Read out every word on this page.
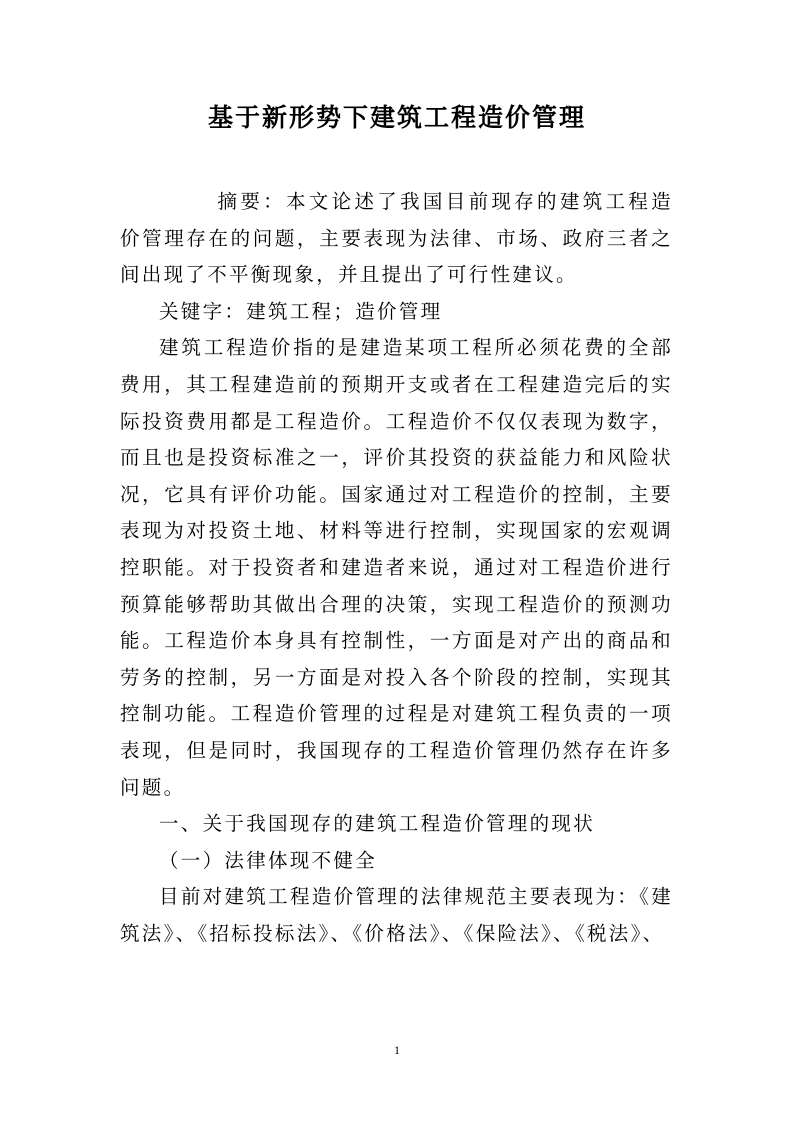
基于新形势下建筑工程造价管理

摘要：本文论述了我国目前现存的建筑工程造价管理存在的问题，主要表现为法律、市场、政府三者之间出现了不平衡现象，并且提出了可行性建议。

关键字：建筑工程；造价管理

建筑工程造价指的是建造某项工程所必须花费的全部费用，其工程建造前的预期开支或者在工程建造完后的实际投资费用都是工程造价。工程造价不仅仅表现为数字，而且也是投资标准之一，评价其投资的获益能力和风险状况，它具有评价功能。国家通过对工程造价的控制，主要表现为对投资土地、材料等进行控制，实现国家的宏观调控职能。对于投资者和建造者来说，通过对工程造价进行预算能够帮助其做出合理的决策，实现工程造价的预测功能。工程造价本身具有控制性，一方面是对产出的商品和劳务的控制，另一方面是对投入各个阶段的控制，实现其控制功能。工程造价管理的过程是对建筑工程负责的一项表现，但是同时，我国现存的工程造价管理仍然存在许多问题。

一、关于我国现存的建筑工程造价管理的现状

（一）法律体现不健全

目前对建筑工程造价管理的法律规范主要表现为：《建筑法》、《招标投标法》、《价格法》、《保险法》、《税法》、

1
